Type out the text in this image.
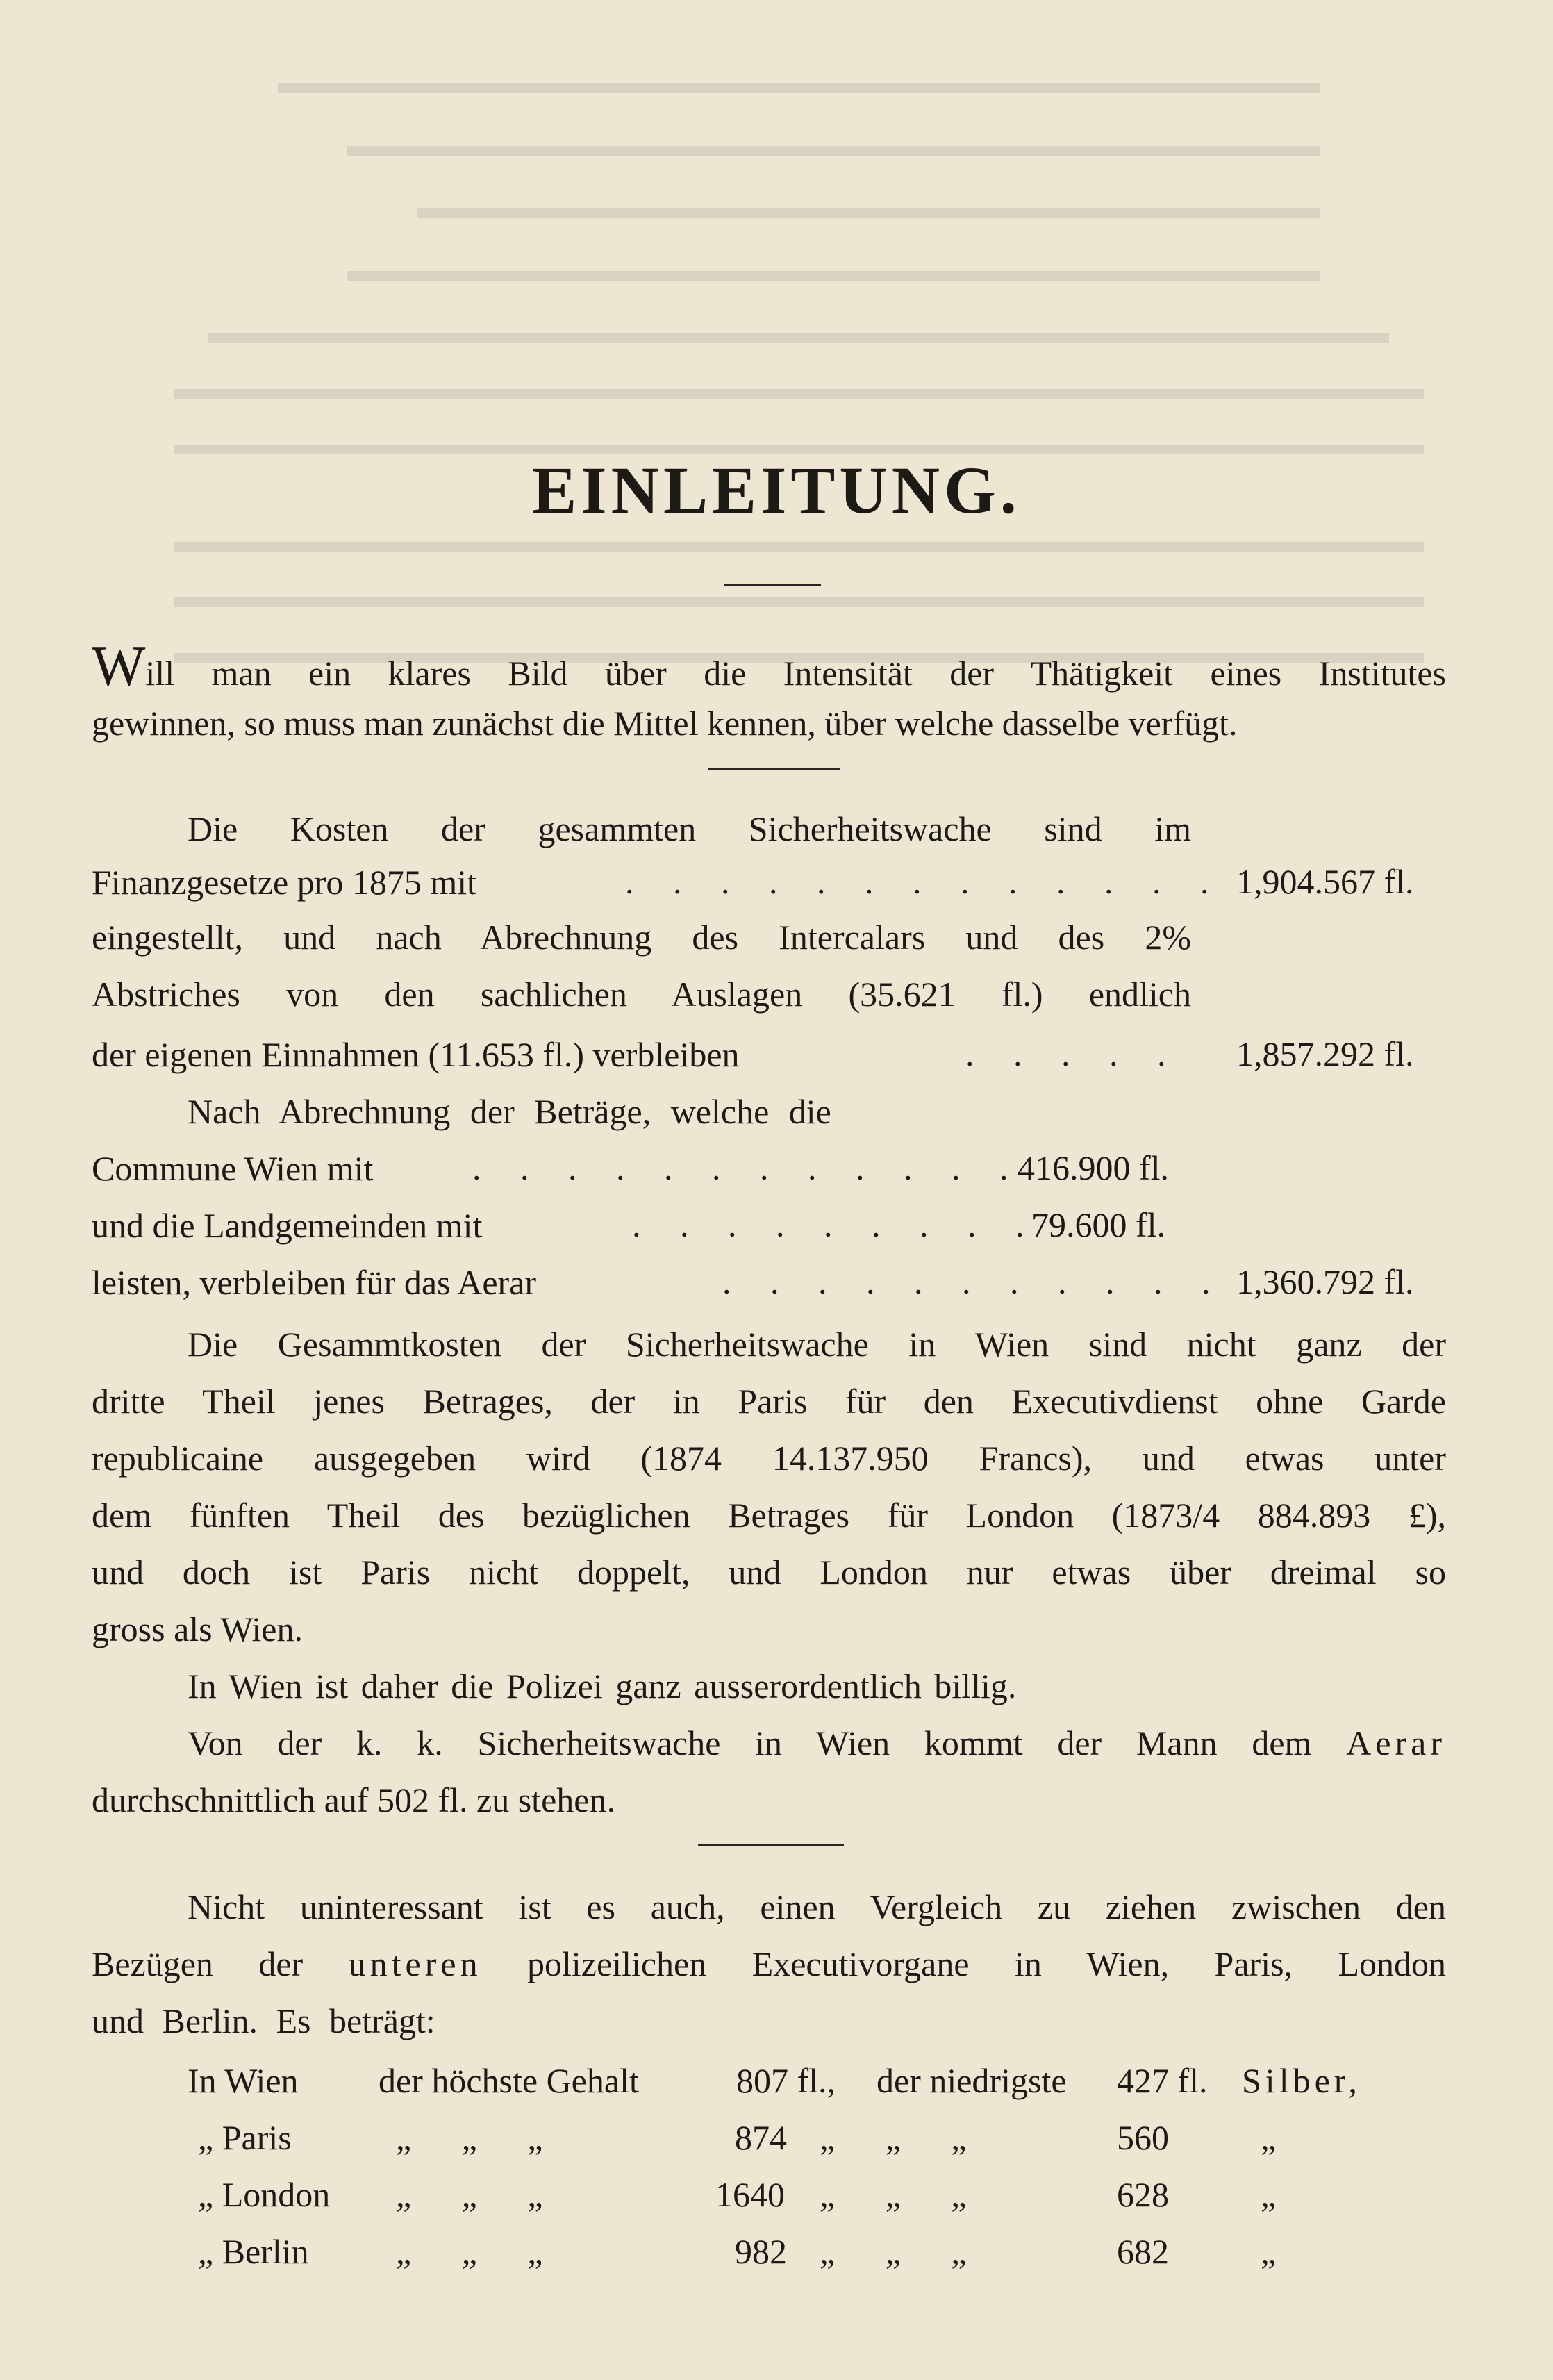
EINLEITUNG.
Will man ein klares Bild über die Intensität der Thätigkeit eines Institutes
gewinnen, so muss man zunächst die Mittel kennen, über welche dasselbe verfügt.
Die Kosten der gesammten Sicherheitswache sind im
Finanzgesetze pro 1875 mit	. . . . . . . . . . . . . 1,904.567 fl.
eingestellt, und nach Abrechnung des Intercalars und des 2%
Abstriches von den sachlichen Auslagen (35.621 fl.) endlich
der eigenen Einnahmen (11.653 fl.) verbleiben	. . . . . 1,857.292 fl.
Nach Abrechnung der Beträge, welche die
Commune Wien mit	. . . . . . . . . . . .
416.900 fl.
und die Landgemeinden mit	. . . . . . . . .
79.600 fl.
leisten, verbleiben für das Aerar	. . . . . . . . . . . 1,360.792 fl.
Die Gesammtkosten der Sicherheitswache in Wien sind nicht ganz der
dritte Theil jenes Betrages, der in Paris für den Executivdienst ohne Garde
republicaine ausgegeben wird (1874 14.137.950 Francs), und etwas unter
dem fünften Theil des bezüglichen Betrages für London (1873/4 884.893 £),
und doch ist Paris nicht doppelt, und London nur etwas über dreimal so
gross als Wien.
In Wien ist daher die Polizei ganz ausserordentlich billig.
Von der k. k. Sicherheitswache in Wien kommt der Mann dem Aerar
durchschnittlich auf 502 fl. zu stehen.
Nicht uninteressant ist es auch, einen Vergleich zu ziehen zwischen den
Bezügen der unteren polizeilichen Executivorgane in Wien, Paris, London
und Berlin. Es beträgt:
In Wien der höchste Gehalt	807 fl., der niedrigste 427 fl. Silber,
„ Paris	„ „ „	874 „ „ „	560	„
„ London „ „ „	1640 „ „ „	628	„
„ Berlin	„ „ „	982 „ „ „	682	„
